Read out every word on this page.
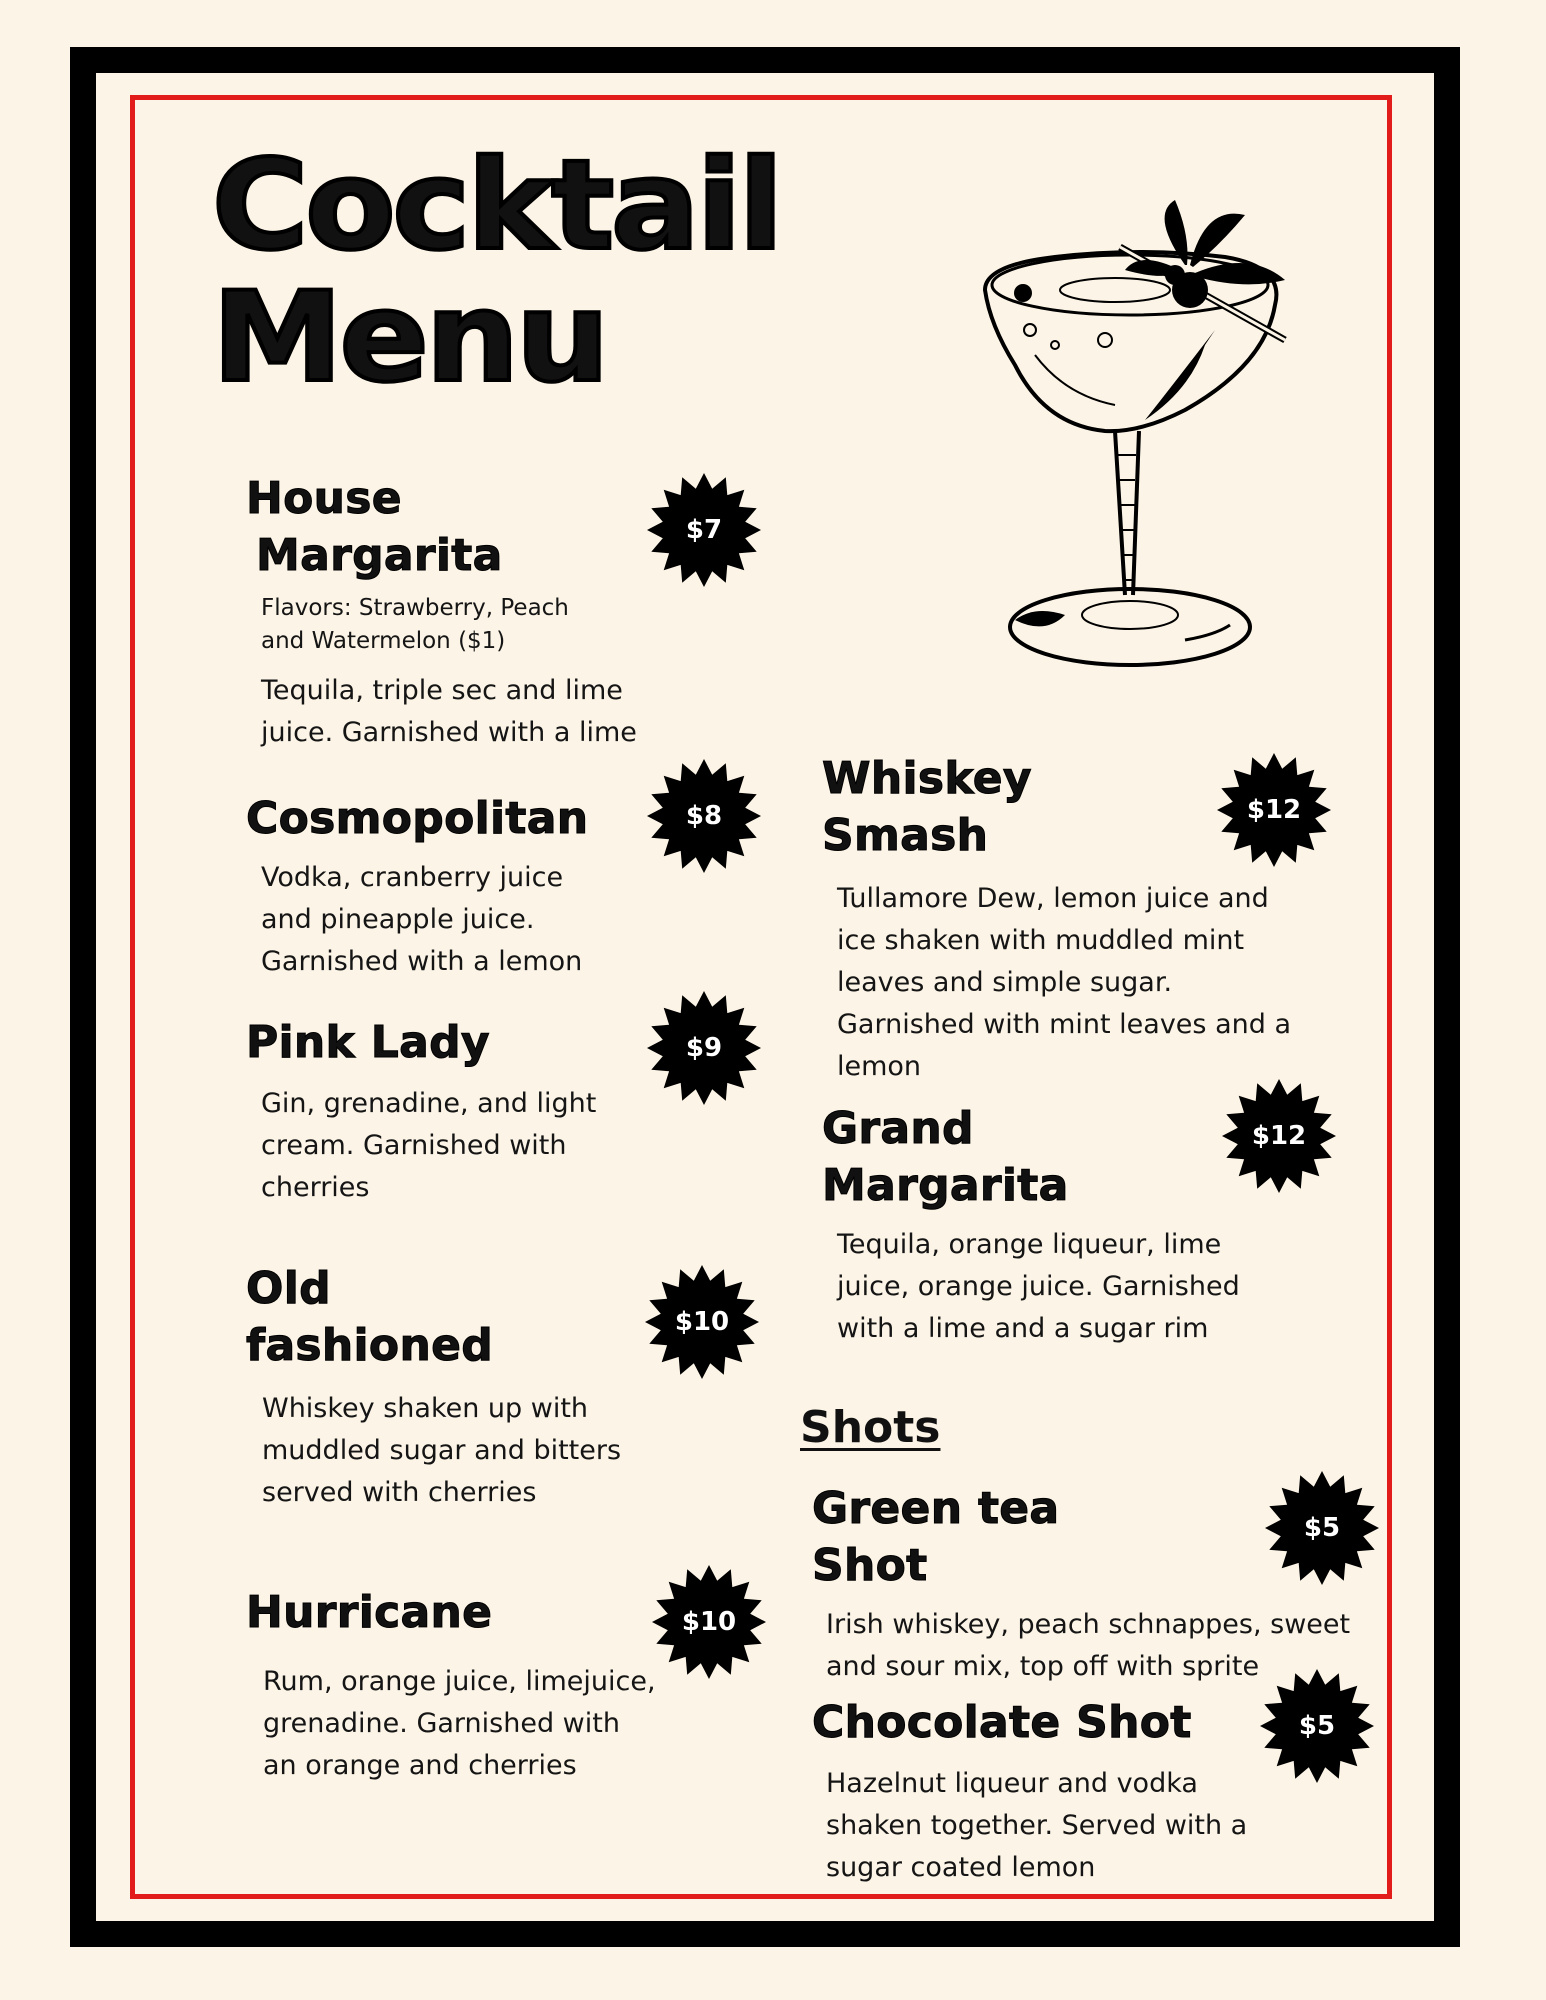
Cocktail
Menu
House
Margarita
Flavors: Strawberry, Peach
and Watermelon ($1)
Tequila, triple sec and lime
juice. Garnished with a lime
Cosmopolitan
Vodka, cranberry juice
and pineapple juice.
Garnished with a lemon
Pink Lady
Gin, grenadine, and light
cream. Garnished with
cherries
Old
fashioned
Whiskey shaken up with
muddled sugar and bitters
served with cherries
Hurricane
Rum, orange juice, limejuice,
grenadine. Garnished with
an orange and cherries
Whiskey
Smash
Tullamore Dew, lemon juice and
ice shaken with muddled mint
leaves and simple sugar.
Garnished with mint leaves and a
lemon
Grand
Margarita
Tequila, orange liqueur, lime
juice, orange juice. Garnished
with a lime and a sugar rim
Shots
Green tea
Shot
Irish whiskey, peach schnappes, sweet
and sour mix, top off with sprite
Chocolate Shot
Hazelnut liqueur and vodka
shaken together. Served with a
sugar coated lemon
$7
$8
$9
$10
$10
$12
$12
$5
$5
